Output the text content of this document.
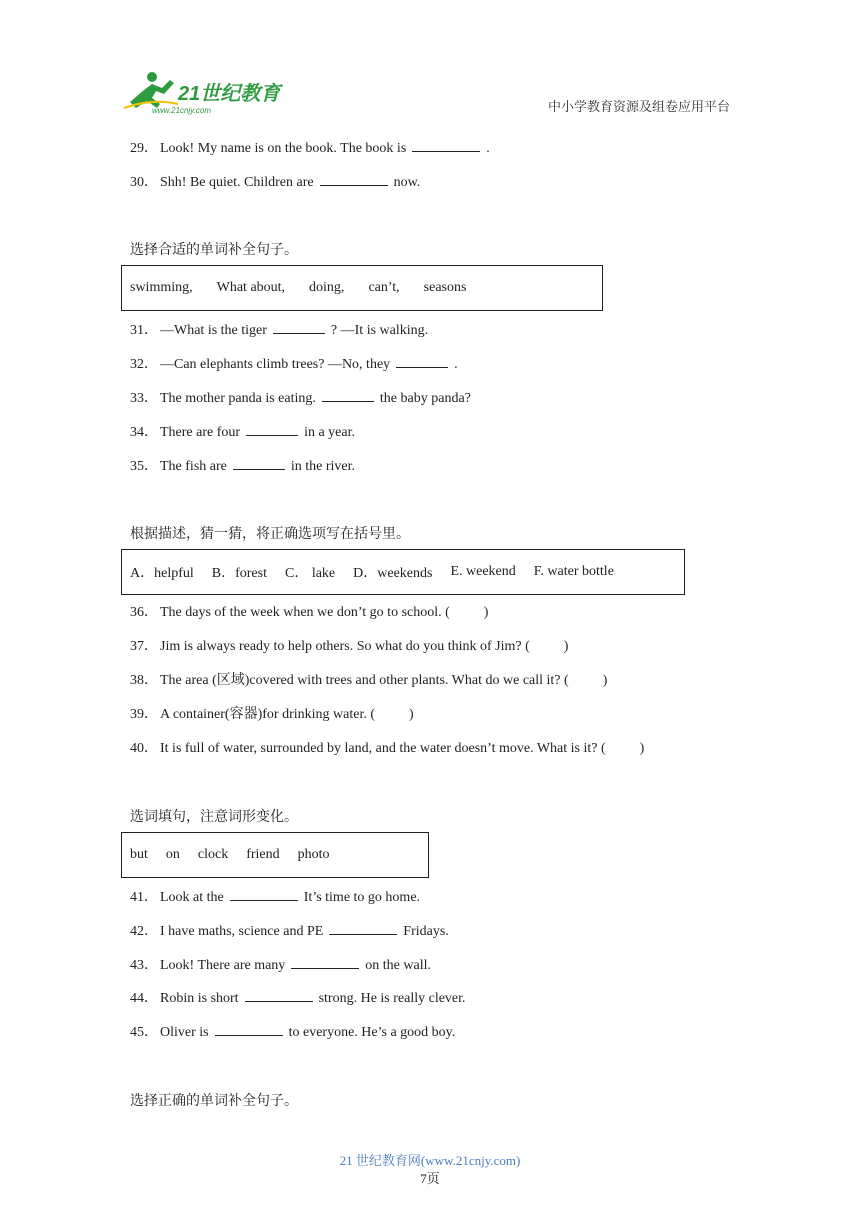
21世纪教育
www.21cnjy.com	中小学教育资源及组卷应用平台
29． Look! My name is on the book. The book is	.
30． Shh! Be quiet. Children are	now.
选择合适的单词补全句子。
swimming, What about, doing, can’t, seasons
31． —What is the tiger	? —It is walking.
32． —Can elephants climb trees? —No, they	.
33． The mother panda is eating.	the baby panda?
34． There are four	in a year.
35． The fish are	in the river.
根据描述，猜一猜，将正确选项写在括号里。
A．helpful B．forest C． lake D．weekends E. weekend F. water bottle
36． The days of the week when we don’t go to school. ( )
37． Jim is always ready to help others. So what do you think of Jim? ( )
38． The area (区域)covered with trees and other plants. What do we call it? ( )
39． A container(容器)for drinking water. ( )
40． It is full of water, surrounded by land, and the water doesn’t move. What is it? ( )
选词填句，注意词形变化。
but on clock friend photo
41． Look at the	It’s time to go home.
42． I have maths, science and PE	Fridays.
43． Look! There are many	on the wall.
44． Robin is short	strong. He is really clever.
45． Oliver is	to everyone. He’s a good boy.
选择正确的单词补全句子。
21 世纪教育网(www.21cnjy.com)
7页
